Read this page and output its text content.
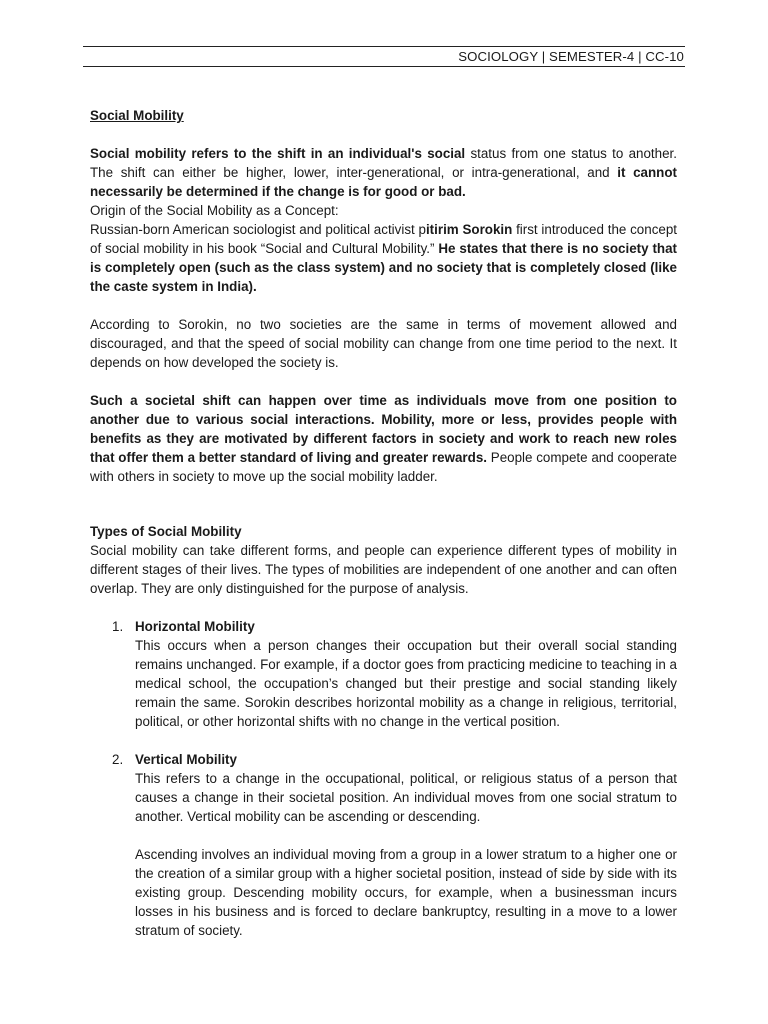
SOCIOLOGY | SEMESTER-4 | CC-10

Social Mobility

Social mobility refers to the shift in an individual's social status from one status to another. The shift can either be higher, lower, inter-generational, or intra-generational, and it cannot necessarily be determined if the change is for good or bad.

Origin of the Social Mobility as a Concept:

Russian-born American sociologist and political activist pitirim Sorokin first introduced the concept of social mobility in his book “Social and Cultural Mobility.” He states that there is no society that is completely open (such as the class system) and no society that is completely closed (like the caste system in India).

According to Sorokin, no two societies are the same in terms of movement allowed and discouraged, and that the speed of social mobility can change from one time period to the next. It depends on how developed the society is.

Such a societal shift can happen over time as individuals move from one position to another due to various social interactions. Mobility, more or less, provides people with benefits as they are motivated by different factors in society and work to reach new roles that offer them a better standard of living and greater rewards. People compete and cooperate with others in society to move up the social mobility ladder.

Types of Social Mobility

Social mobility can take different forms, and people can experience different types of mobility in different stages of their lives. The types of mobilities are independent of one another and can often overlap. They are only distinguished for the purpose of analysis.

1. Horizontal Mobility

This occurs when a person changes their occupation but their overall social standing remains unchanged. For example, if a doctor goes from practicing medicine to teaching in a medical school, the occupation’s changed but their prestige and social standing likely remain the same. Sorokin describes horizontal mobility as a change in religious, territorial, political, or other horizontal shifts with no change in the vertical position.

2. Vertical Mobility

This refers to a change in the occupational, political, or religious status of a person that causes a change in their societal position. An individual moves from one social stratum to another. Vertical mobility can be ascending or descending.

Ascending involves an individual moving from a group in a lower stratum to a higher one or the creation of a similar group with a higher societal position, instead of side by side with its existing group. Descending mobility occurs, for example, when a businessman incurs losses in his business and is forced to declare bankruptcy, resulting in a move to a lower stratum of society.
